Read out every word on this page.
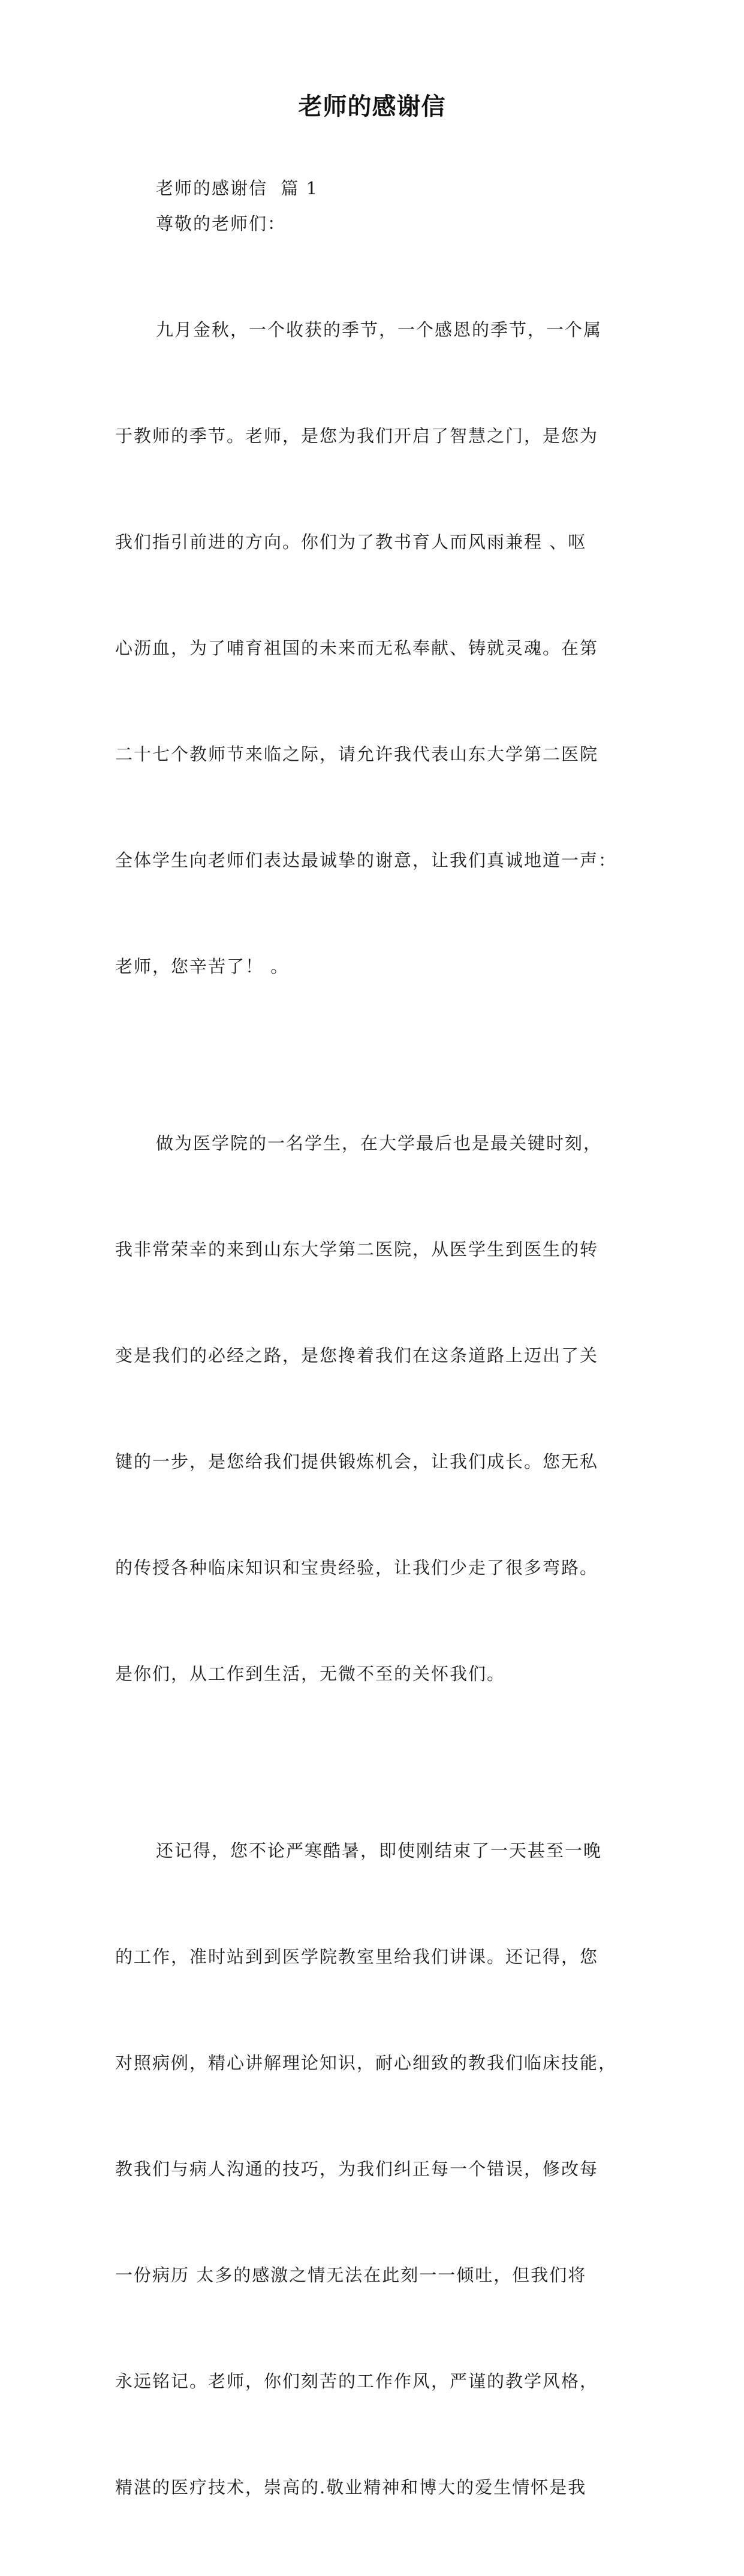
老师的感谢信

老师的感谢信  篇 1

尊敬的老师们：

九月金秋，一个收获的季节，一个感恩的季节，一个属

于教师的季节。老师，是您为我们开启了智慧之门，是您为

我们指引前进的方向。你们为了教书育人而风雨兼程 、呕

心沥血，为了哺育祖国的未来而无私奉献、铸就灵魂。在第

二十七个教师节来临之际，请允许我代表山东大学第二医院

全体学生向老师们表达最诚挚的谢意，让我们真诚地道一声：

老师，您辛苦了！ 。

做为医学院的一名学生，在大学最后也是最关键时刻，

我非常荣幸的来到山东大学第二医院，从医学生到医生的转

变是我们的必经之路，是您搀着我们在这条道路上迈出了关

键的一步，是您给我们提供锻炼机会，让我们成长。您无私

的传授各种临床知识和宝贵经验，让我们少走了很多弯路。

是你们，从工作到生活，无微不至的关怀我们。

还记得，您不论严寒酷暑，即使刚结束了一天甚至一晚

的工作，准时站到到医学院教室里给我们讲课。还记得，您

对照病例，精心讲解理论知识，耐心细致的教我们临床技能，

教我们与病人沟通的技巧，为我们纠正每一个错误，修改每

一份病历 太多的感激之情无法在此刻一一倾吐，但我们将

永远铭记。老师，你们刻苦的工作作风，严谨的教学风格，

精湛的医疗技术，崇高的.敬业精神和博大的爱生情怀是我
